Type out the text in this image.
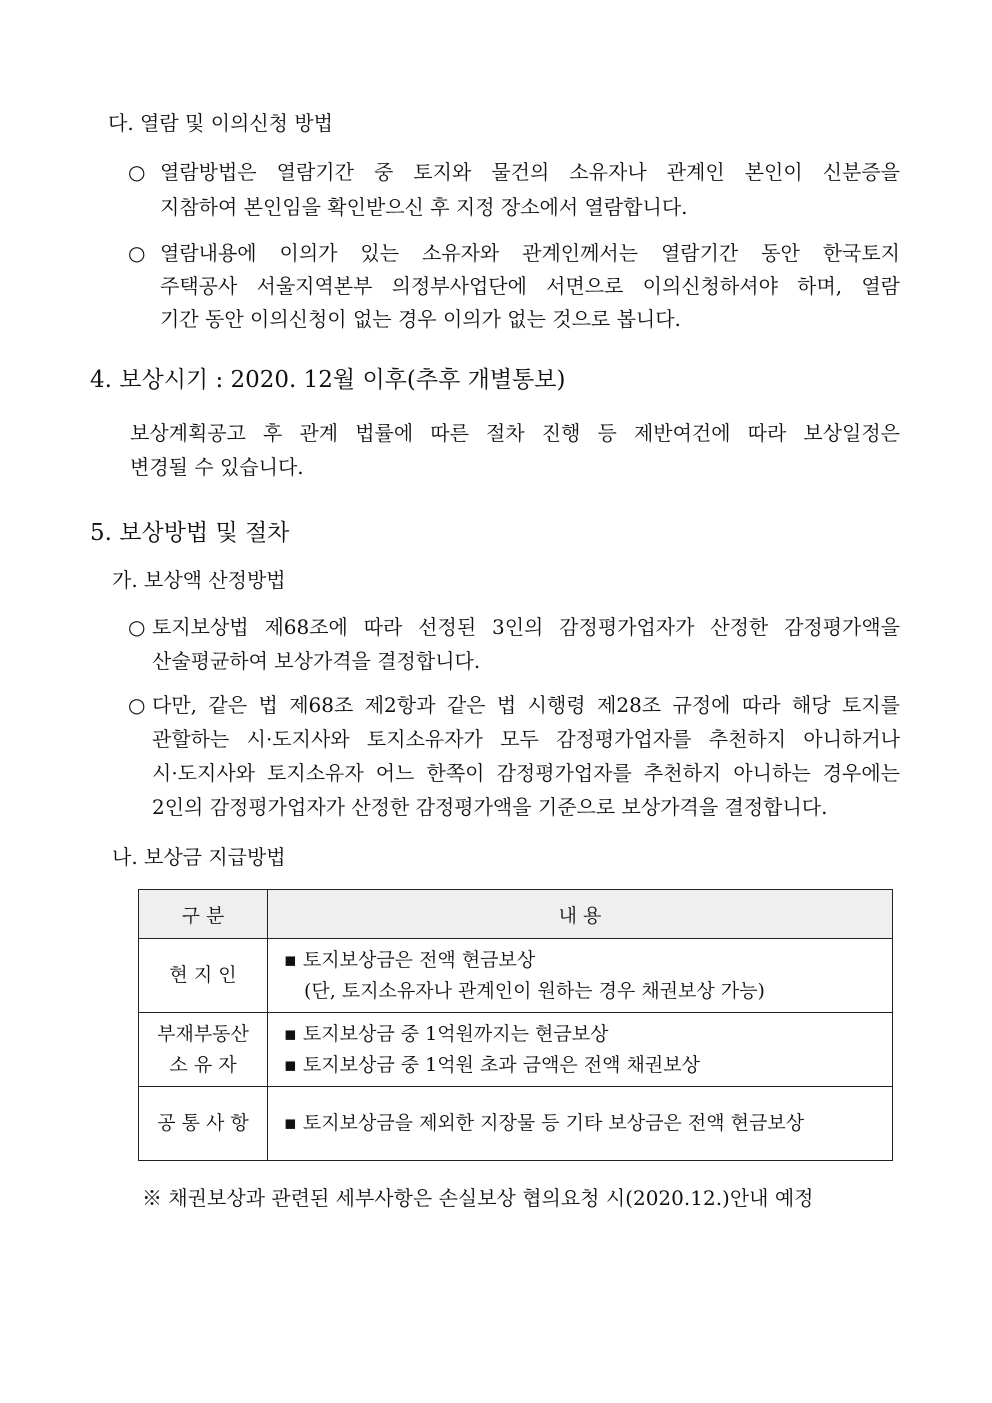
다. 열람 및 이의신청 방법
○ 열람방법은 열람기간 중 토지와 물건의 소유자나 관계인 본인이 신분증을
지참하여 본인임을 확인받으신 후 지정 장소에서 열람합니다.
○ 열람내용에 이의가 있는 소유자와 관계인께서는 열람기간 동안 한국토지
주택공사 서울지역본부 의정부사업단에 서면으로 이의신청하셔야 하며, 열람
기간 동안 이의신청이 없는 경우 이의가 없는 것으로 봅니다.
4. 보상시기 : 2020. 12월 이후(추후 개별통보)
보상계획공고 후 관계 법률에 따른 절차 진행 등 제반여건에 따라 보상일정은
변경될 수 있습니다.
5. 보상방법 및 절차
가. 보상액 산정방법
○ 토지보상법 제68조에 따라 선정된 3인의 감정평가업자가 산정한 감정평가액을
산술평균하여 보상가격을 결정합니다.
○ 다만, 같은 법 제68조 제2항과 같은 법 시행령 제28조 규정에 따라 해당 토지를
관할하는 시·도지사와 토지소유자가 모두 감정평가업자를 추천하지 아니하거나
시·도지사와 토지소유자 어느 한쪽이 감정평가업자를 추천하지 아니하는 경우에는
2인의 감정평가업자가 산정한 감정평가액을 기준으로 보상가격을 결정합니다.
나. 보상금 지급방법
구 분	내 용

현 지 인	▪ 토지보상금은 전액 현금보상
(단, 토지소유자나 관계인이 원하는 경우 채권보상 가능)

부재부동산
소 유 자	▪ 토지보상금 중 1억원까지는 현금보상
▪ 토지보상금 중 1억원 초과 금액은 전액 채권보상

공 통 사 항	▪ 토지보상금을 제외한 지장물 등 기타 보상금은 전액 현금보상
※ 채권보상과 관련된 세부사항은 손실보상 협의요청 시(2020.12.)안내 예정
